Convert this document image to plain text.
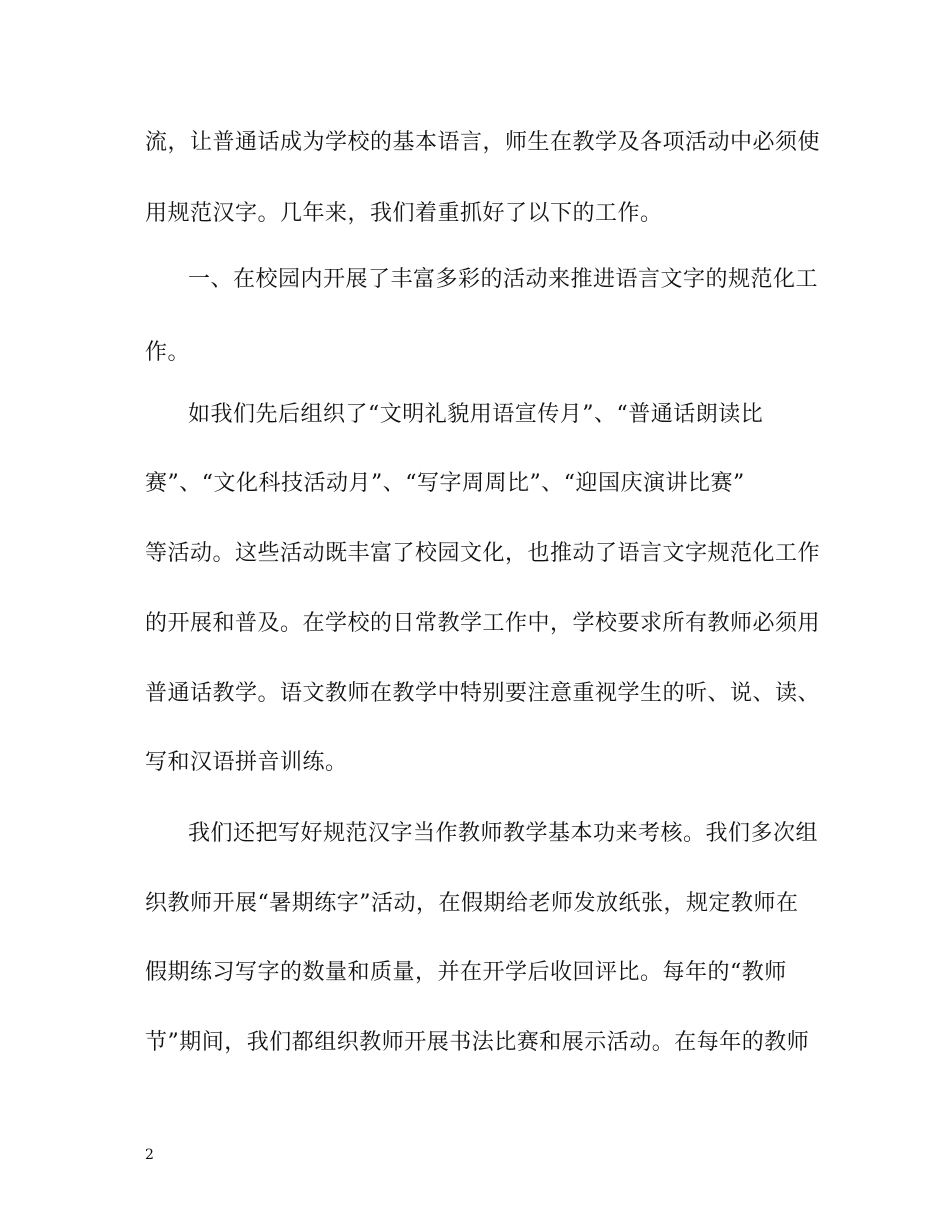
流，让普通话成为学校的基本语言，师生在教学及各项活动中必须使
用规范汉字。几年来，我们着重抓好了以下的工作。
一、在校园内开展了丰富多彩的活动来推进语言文字的规范化工
作。
如我们先后组织了“文明礼貌用语宣传月”、“普通话朗读比
赛”、“文化科技活动月”、“写字周周比”、“迎国庆演讲比赛”
等活动。这些活动既丰富了校园文化，也推动了语言文字规范化工作
的开展和普及。在学校的日常教学工作中，学校要求所有教师必须用
普通话教学。语文教师在教学中特别要注意重视学生的听、说、读、
写和汉语拼音训练。
我们还把写好规范汉字当作教师教学基本功来考核。我们多次组
织教师开展“暑期练字”活动，在假期给老师发放纸张，规定教师在
假期练习写字的数量和质量，并在开学后收回评比。每年的“教师
节”期间，我们都组织教师开展书法比赛和展示活动。在每年的教师
2
